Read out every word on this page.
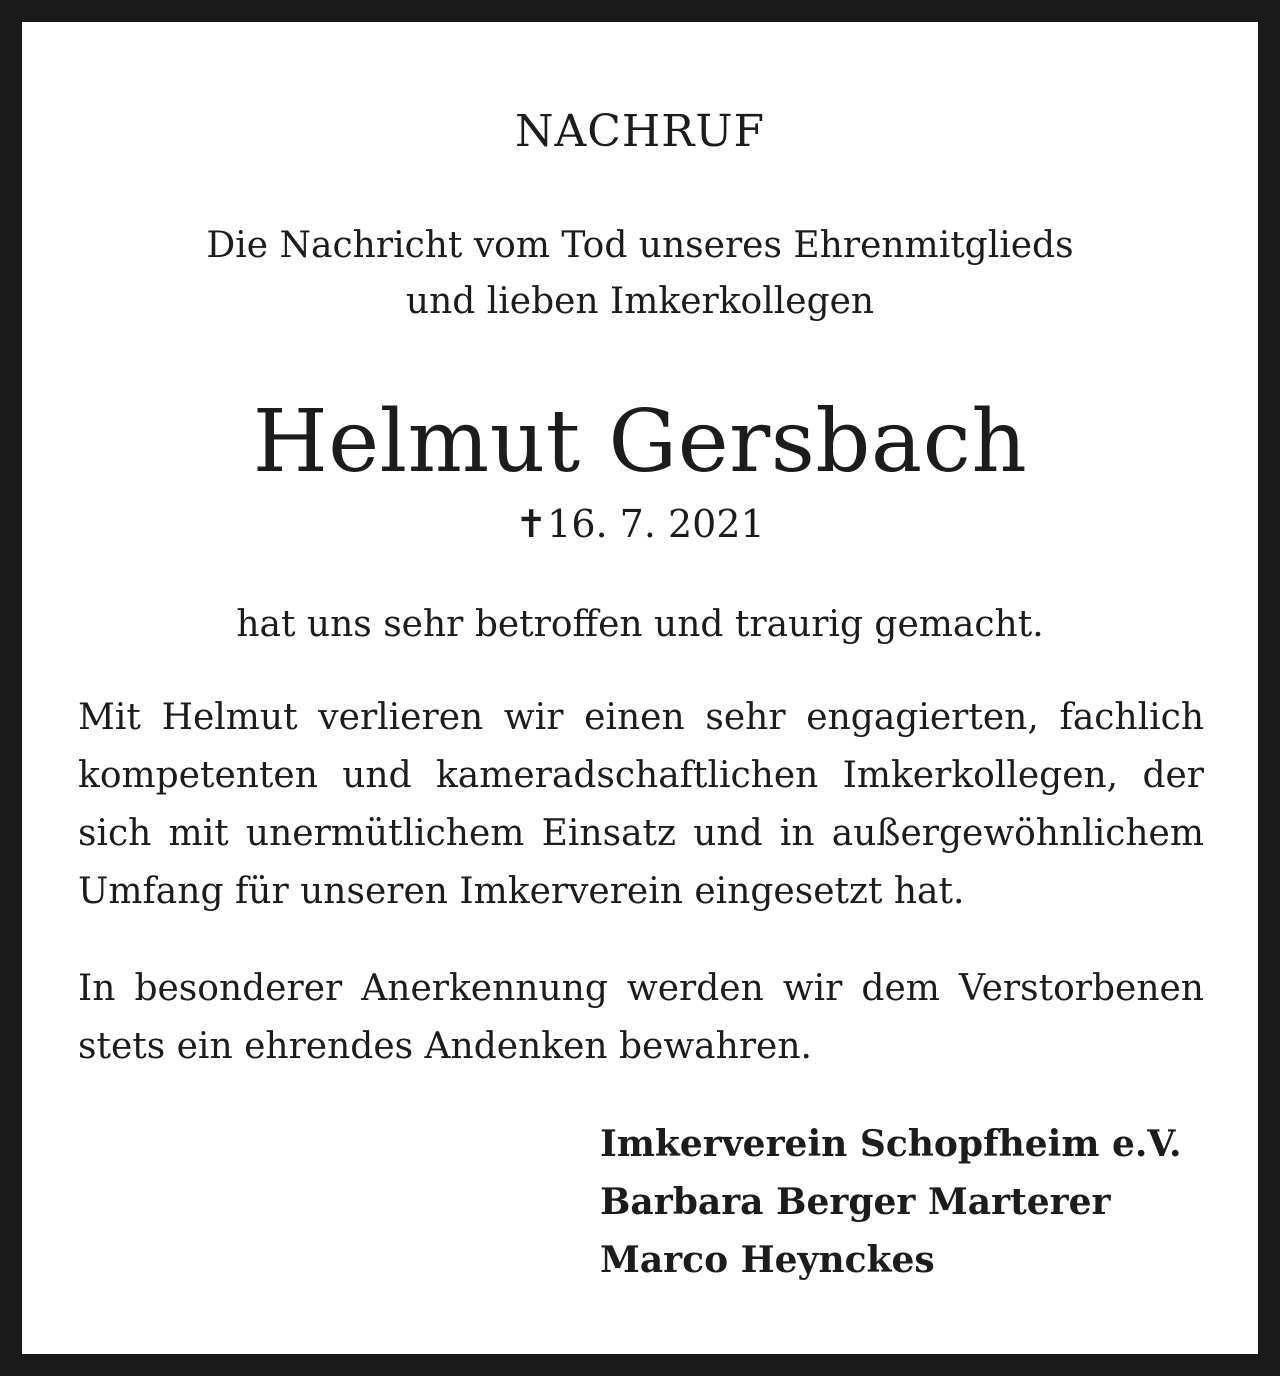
NACHRUF
Die Nachricht vom Tod unseres Ehrenmitglieds
und lieben Imkerkollegen
Helmut Gersbach
✝16. 7. 2021
hat uns sehr betroffen und traurig gemacht.
Mit Helmut verlieren wir einen sehr engagierten, fachlich
kompetenten und kameradschaftlichen Imkerkollegen, der
sich mit unermütlichem Einsatz und in außergewöhnlichem
Umfang für unseren Imkerverein eingesetzt hat.
In besonderer Anerkennung werden wir dem Verstorbenen
stets ein ehrendes Andenken bewahren.
Imkerverein Schopfheim e.V.
Barbara Berger Marterer
Marco Heynckes
